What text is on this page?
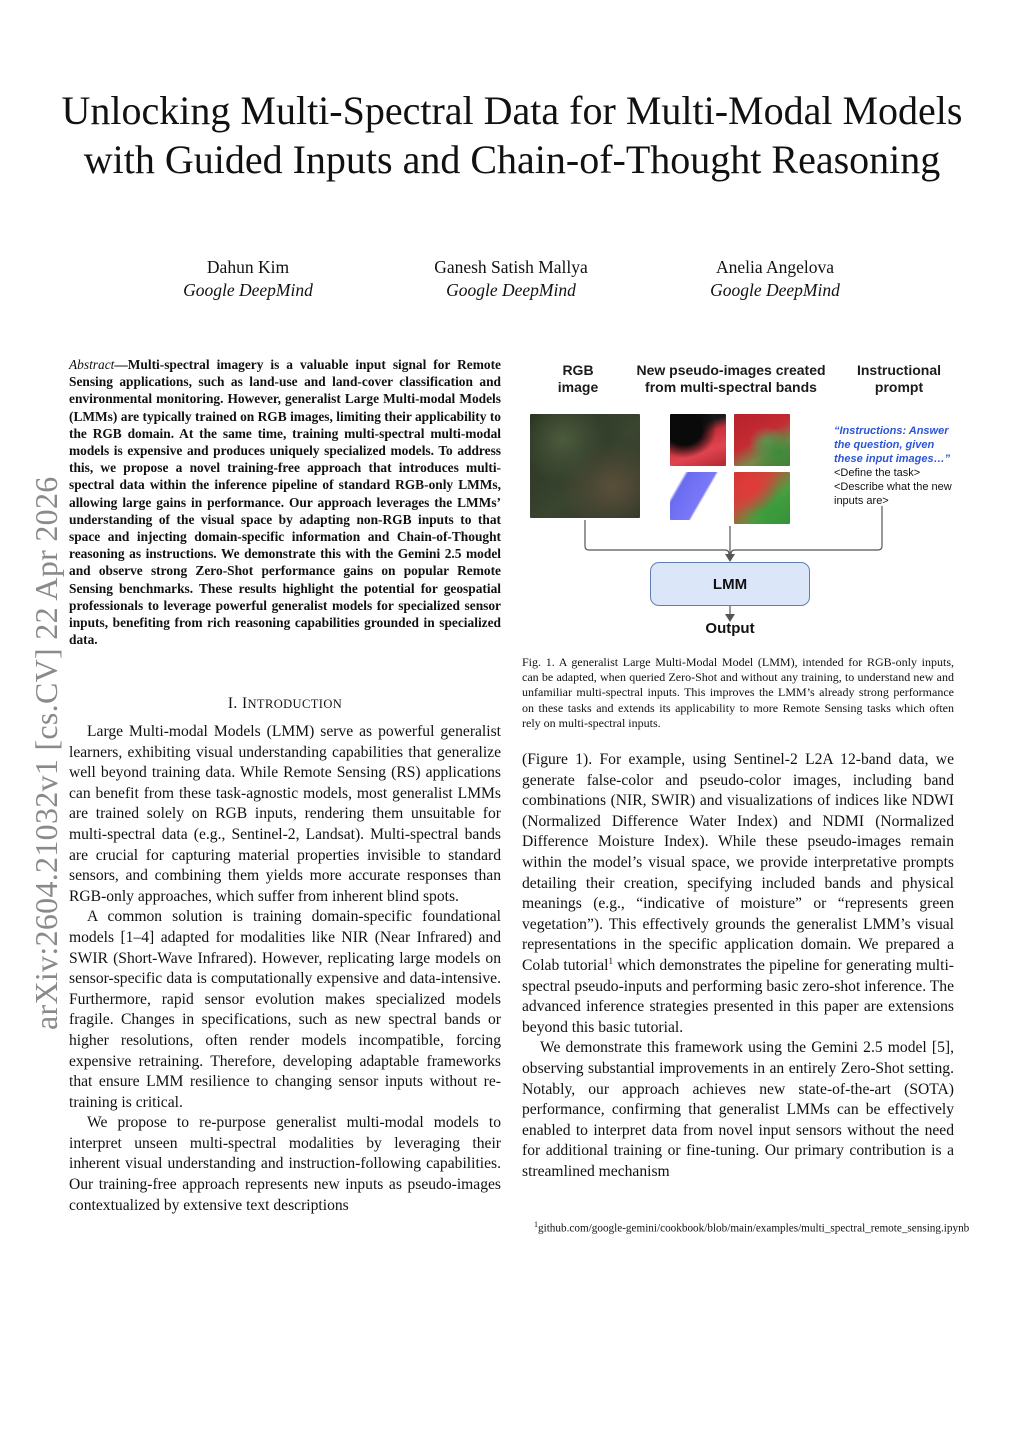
arXiv:2604.21032v1 [cs.CV] 22 Apr 2026
Unlocking Multi-Spectral Data for Multi-Modal Models with Guided Inputs and Chain-of-Thought Reasoning
Dahun Kim
Google DeepMind
Ganesh Satish Mallya
Google DeepMind
Anelia Angelova
Google DeepMind
Abstract—Multi-spectral imagery is a valuable input signal for Remote Sensing applications, such as land-use and land-cover classification and environmental monitoring. However, generalist Large Multi-modal Models (LMMs) are typically trained on RGB images, limiting their applicability to the RGB domain. At the same time, training multi-spectral multi-modal models is expensive and produces uniquely specialized models. To address this, we propose a novel training-free approach that introduces multi-spectral data within the inference pipeline of standard RGB-only LMMs, allowing large gains in performance. Our approach leverages the LMMs’ understanding of the visual space by adapting non-RGB inputs to that space and injecting domain-specific information and Chain-of-Thought reasoning as instructions. We demonstrate this with the Gemini 2.5 model and observe strong Zero-Shot performance gains on popular Remote Sensing benchmarks. These results highlight the potential for geospatial professionals to leverage powerful generalist models for specialized sensor inputs, benefiting from rich reasoning capabilities grounded in specialized data.
I. INTRODUCTION

Large Multi-modal Models (LMM) serve as powerful generalist learners, exhibiting visual understanding capabilities that generalize well beyond training data. While Remote Sensing (RS) applications can benefit from these task-agnostic models, most generalist LMMs are trained solely on RGB inputs, rendering them unsuitable for multi-spectral data (e.g., Sentinel-2, Landsat). Multi-spectral bands are crucial for capturing material properties invisible to standard sensors, and combining them yields more accurate responses than RGB-only approaches, which suffer from inherent blind spots.

A common solution is training domain-specific foundational models [1–4] adapted for modalities like NIR (Near Infrared) and SWIR (Short-Wave Infrared). However, replicating large models on sensor-specific data is computationally expensive and data-intensive. Furthermore, rapid sensor evolution makes specialized models fragile. Changes in specifications, such as new spectral bands or higher resolutions, often render models incompatible, forcing expensive retraining. Therefore, developing adaptable frameworks that ensure LMM resilience to changing sensor inputs without re-training is critical.

We propose to re-purpose generalist multi-modal models to interpret unseen multi-spectral modalities by leveraging their inherent visual understanding and instruction-following capabilities. Our training-free approach represents new inputs as pseudo-images contextualized by extensive text descriptions

RGB
image
New pseudo-images created
from multi-spectral bands
Instructional
prompt
“Instructions: Answer the question, given these input images…”
<Define the task>
<Describe what the new inputs are>
LMM
Output
Fig. 1. A generalist Large Multi-Modal Model (LMM), intended for RGB-only inputs, can be adapted, when queried Zero-Shot and without any training, to understand new and unfamiliar multi-spectral inputs. This improves the LMM’s already strong performance on these tasks and extends its applicability to more Remote Sensing tasks which often rely on multi-spectral inputs.

(Figure 1). For example, using Sentinel-2 L2A 12-band data, we generate false-color and pseudo-color images, including band combinations (NIR, SWIR) and visualizations of indices like NDWI (Normalized Difference Water Index) and NDMI (Normalized Difference Moisture Index). While these pseudo-images remain within the model’s visual space, we provide interpretative prompts detailing their creation, specifying included bands and physical meanings (e.g., “indicative of moisture” or “represents green vegetation”). This effectively grounds the generalist LMM’s visual representations in the specific application domain. We prepared a Colab tutorial$^1$ which demonstrates the pipeline for generating multi-spectral pseudo-inputs and performing basic zero-shot inference. The advanced inference strategies presented in this paper are extensions beyond this basic tutorial.

We demonstrate this framework using the Gemini 2.5 model [5], observing substantial improvements in an entirely Zero-Shot setting. Notably, our approach achieves new state-of-the-art (SOTA) performance, confirming that generalist LMMs can be effectively enabled to interpret data from novel input sensors without the need for additional training or fine-tuning. Our primary contribution is a streamlined mechanism

$^1$github.com/google-gemini/cookbook/blob/main/examples/multi_spectral_remote_sensing.ipynb
